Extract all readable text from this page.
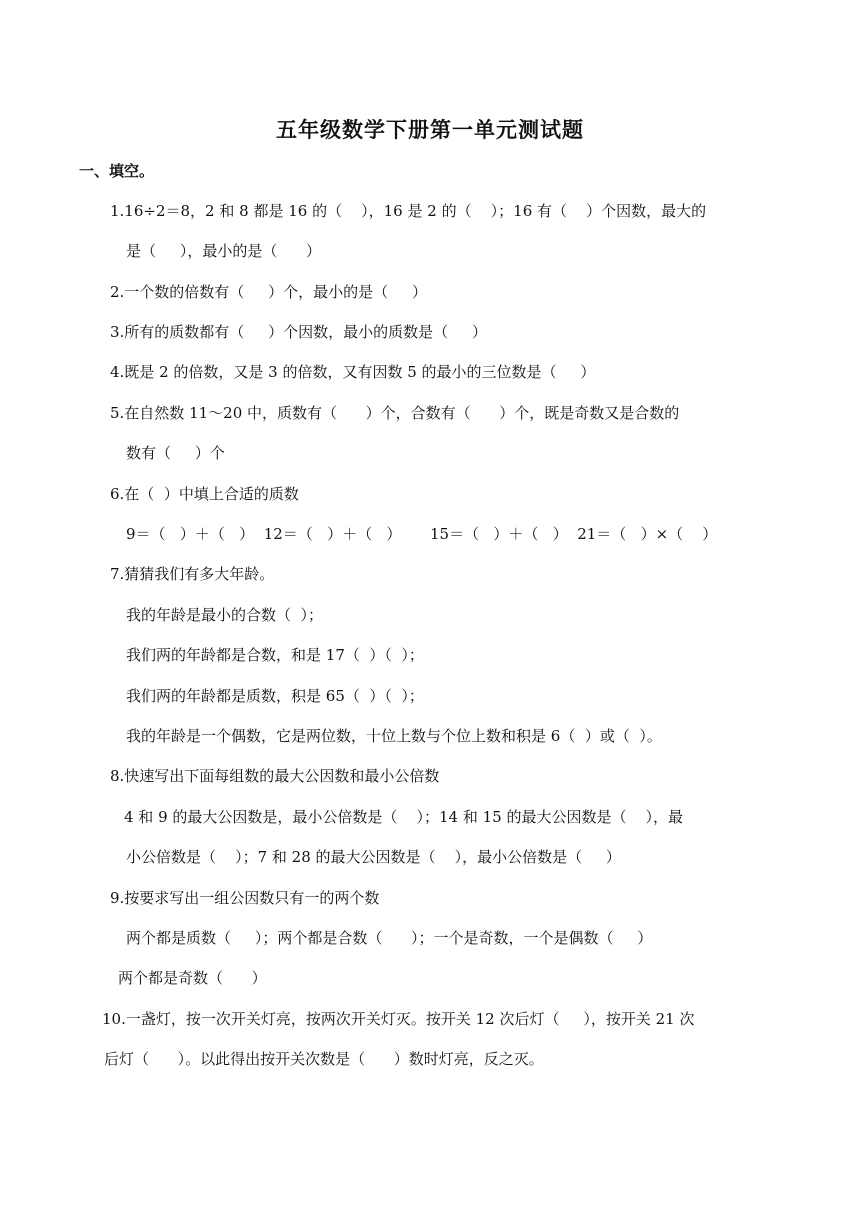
五年级数学下册第一单元测试题
一、填空。
1.16÷2＝8，2 和 8 都是 16 的（    ），16 是 2 的（    ）；16 有（    ）个因数，最大的
是（     ），最小的是（      ）
2.一个数的倍数有（     ）个，最小的是（     ）
3.所有的质数都有（     ）个因数，最小的质数是（     ）
4.既是 2 的倍数，又是 3 的倍数，又有因数 5 的最小的三位数是（     ）
5.在自然数 11～20 中，质数有（      ）个，合数有（      ）个，既是奇数又是合数的
数有（     ）个
6.在（  ）中填上合适的质数
9＝（   ）＋（   ）  12＝（   ）＋（   ）      15＝（   ）＋（   ）  21＝（   ）×（    ）
7.猜猜我们有多大年龄。
我的年龄是最小的合数（  ）；
我们两的年龄都是合数，和是 17（  ）（  ）；
我们两的年龄都是质数，积是 65（  ）（  ）；
我的年龄是一个偶数，它是两位数，十位上数与个位上数和积是 6（  ）或（  ）。
8.快速写出下面每组数的最大公因数和最小公倍数
4 和 9 的最大公因数是，最小公倍数是（    ）；14 和 15 的最大公因数是（    ），最
小公倍数是（    ）；7 和 28 的最大公因数是（    ），最小公倍数是（     ）
9.按要求写出一组公因数只有一的两个数
两个都是质数（     ）；两个都是合数（      ）；一个是奇数，一个是偶数（     ）
两个都是奇数（      ）
10.一盏灯，按一次开关灯亮，按两次开关灯灭。按开关 12 次后灯（     ），按开关 21 次
后灯（      ）。以此得出按开关次数是（      ）数时灯亮，反之灭。
